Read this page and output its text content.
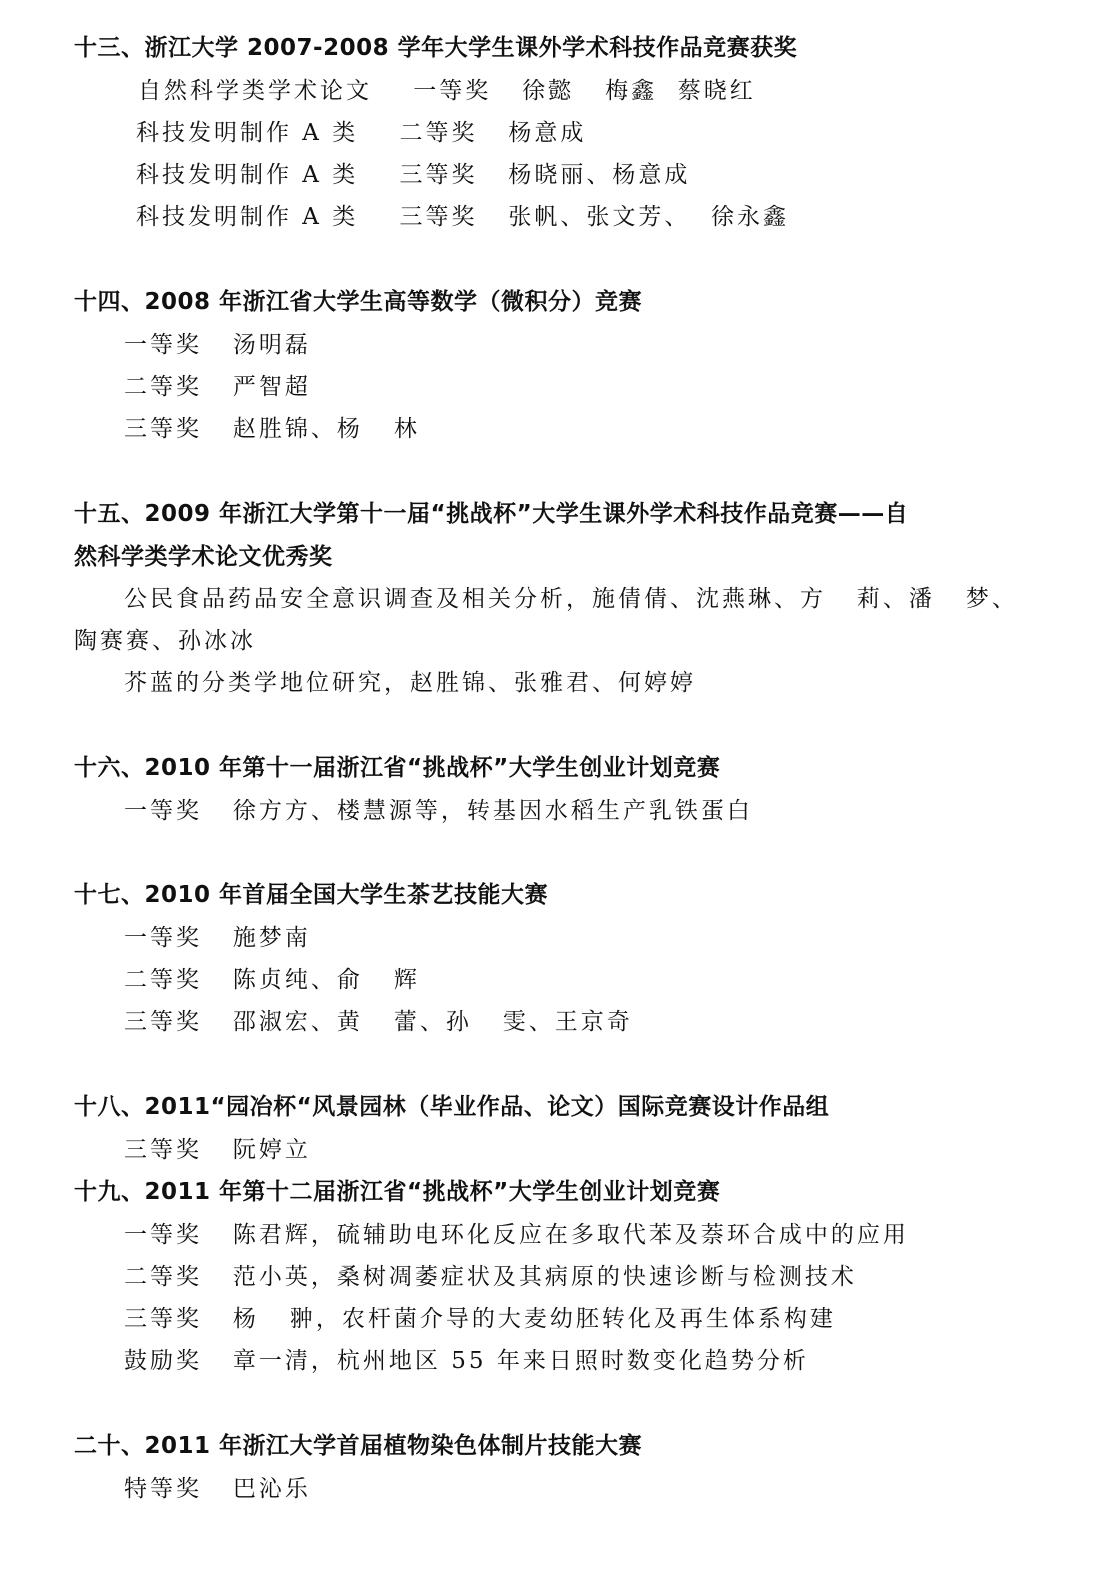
十三、浙江大学 2007-2008 学年大学生课外学术科技作品竞赛获奖
自然科学类学术论文    一等奖   徐懿   梅鑫  蔡晓红
科技发明制作 A 类    二等奖   杨意成
科技发明制作 A 类    三等奖   杨晓丽、杨意成
科技发明制作 A 类    三等奖   张帆、张文芳、  徐永鑫
十四、2008 年浙江省大学生高等数学（微积分）竞赛
一等奖   汤明磊
二等奖   严智超
三等奖   赵胜锦、杨   林
十五、2009 年浙江大学第十一届“挑战杯”大学生课外学术科技作品竞赛——自
然科学类学术论文优秀奖
公民食品药品安全意识调查及相关分析，施倩倩、沈燕琳、方   莉、潘   梦、
陶赛赛、孙冰冰
芥蓝的分类学地位研究，赵胜锦、张雅君、何婷婷
十六、2010 年第十一届浙江省“挑战杯”大学生创业计划竞赛
一等奖   徐方方、楼慧源等，转基因水稻生产乳铁蛋白
十七、2010 年首届全国大学生茶艺技能大赛
一等奖   施梦南
二等奖   陈贞纯、俞   辉
三等奖   邵淑宏、黄   蕾、孙   雯、王京奇
十八、2011“园冶杯“风景园林（毕业作品、论文）国际竞赛设计作品组
三等奖   阮婷立
十九、2011 年第十二届浙江省“挑战杯”大学生创业计划竞赛
一等奖   陈君辉，硫辅助电环化反应在多取代苯及萘环合成中的应用
二等奖   范小英，桑树凋萎症状及其病原的快速诊断与检测技术
三等奖   杨   翀，农杆菌介导的大麦幼胚转化及再生体系构建
鼓励奖   章一清，杭州地区 55 年来日照时数变化趋势分析
二十、2011 年浙江大学首届植物染色体制片技能大赛
特等奖   巴沁乐
